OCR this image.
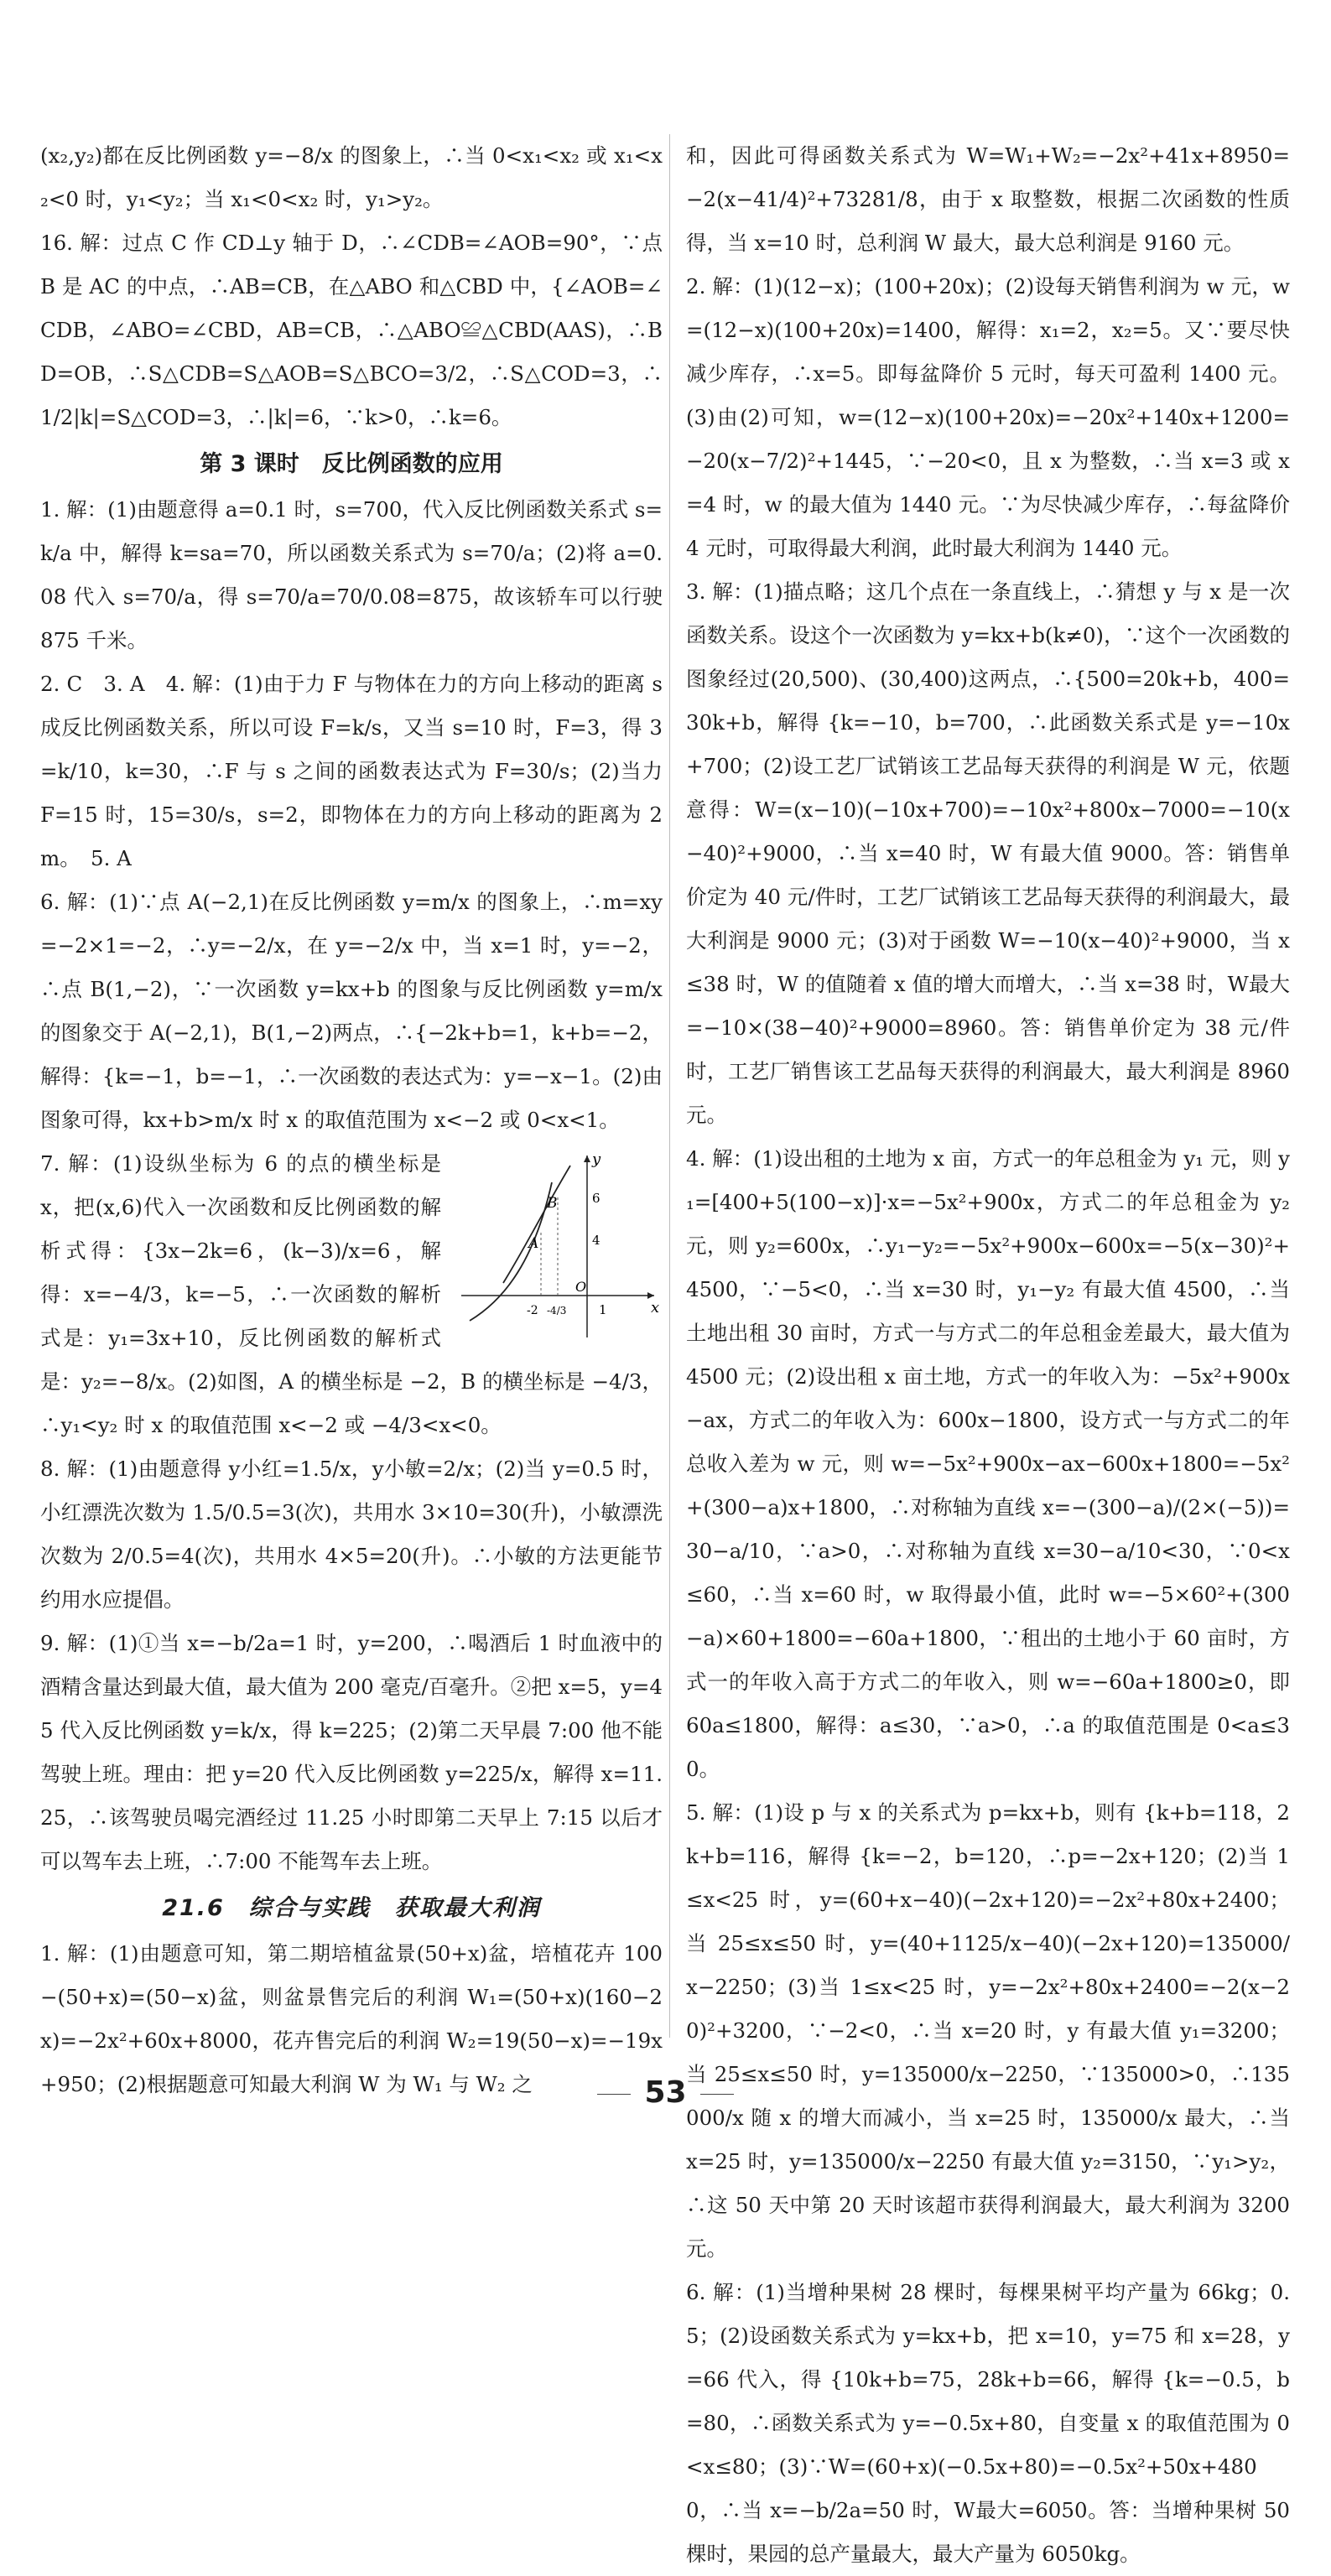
(x₂,y₂)都在反比例函数 y=−8/x 的图象上，∴当 0<x₁<x₂ 或 x₁<x₂<0 时，y₁<y₂；当 x₁<0<x₂ 时，y₁>y₂。

16. 解：过点 C 作 CD⊥y 轴于 D，∴∠CDB=∠AOB=90°，∵点 B 是 AC 的中点，∴AB=CB，在△ABO 和△CBD 中，{∠AOB=∠CDB，∠ABO=∠CBD，AB=CB，∴△ABO≌△CBD(AAS)，∴BD=OB，∴S△CDB=S△AOB=S△BCO=3/2，∴S△COD=3，∴1/2|k|=S△COD=3，∴|k|=6，∵k>0，∴k=6。

第 3 课时　反比例函数的应用

1. 解：(1)由题意得 a=0.1 时，s=700，代入反比例函数关系式 s=k/a 中，解得 k=sa=70，所以函数关系式为 s=70/a；(2)将 a=0.08 代入 s=70/a，得 s=70/a=70/0.08=875，故该轿车可以行驶 875 千米。

2. C　3. A　4. 解：(1)由于力 F 与物体在力的方向上移动的距离 s 成反比例函数关系，所以可设 F=k/s，又当 s=10 时，F=3，得 3=k/10，k=30，∴F 与 s 之间的函数表达式为 F=30/s；(2)当力 F=15 时，15=30/s，s=2，即物体在力的方向上移动的距离为 2m。　5. A

6. 解：(1)∵点 A(−2,1)在反比例函数 y=m/x 的图象上，∴m=xy=−2×1=−2，∴y=−2/x，在 y=−2/x 中，当 x=1 时，y=−2，∴点 B(1,−2)，∵一次函数 y=kx+b 的图象与反比例函数 y=m/x 的图象交于 A(−2,1)，B(1,−2)两点，∴{−2k+b=1，k+b=−2，解得：{k=−1，b=−1，∴一次函数的表达式为：y=−x−1。(2)由图象可得，kx+b>m/x 时 x 的取值范围为 x<−2 或 0<x<1。

x
y
O
B
A
6
4
-2 -4/3	1

7. 解：(1)设纵坐标为 6 的点的横坐标是 x，把(x,6)代入一次函数和反比例函数的解析式得：{3x−2k=6，(k−3)/x=6，解得：x=−4/3，k=−5，∴一次函数的解析式是：y₁=3x+10，反比例函数的解析式是：y₂=−8/x。(2)如图，A 的横坐标是 −2，B 的横坐标是 −4/3，∴y₁<y₂ 时 x 的取值范围 x<−2 或 −4/3<x<0。

8. 解：(1)由题意得 y小红=1.5/x，y小敏=2/x；(2)当 y=0.5 时，小红漂洗次数为 1.5/0.5=3(次)，共用水 3×10=30(升)，小敏漂洗次数为 2/0.5=4(次)，共用水 4×5=20(升)。∴小敏的方法更能节约用水应提倡。

9. 解：(1)①当 x=−b/2a=1 时，y=200，∴喝酒后 1 时血液中的酒精含量达到最大值，最大值为 200 毫克/百毫升。②把 x=5，y=45 代入反比例函数 y=k/x，得 k=225；(2)第二天早晨 7:00 他不能驾驶上班。理由：把 y=20 代入反比例函数 y=225/x，解得 x=11.25，∴该驾驶员喝完酒经过 11.25 小时即第二天早上 7:15 以后才可以驾车去上班，∴7:00 不能驾车去上班。

21.6　综合与实践　获取最大利润

1. 解：(1)由题意可知，第二期培植盆景(50+x)盆，培植花卉 100−(50+x)=(50−x)盆，则盆景售完后的利润 W₁=(50+x)(160−2x)=−2x²+60x+8000，花卉售完后的利润 W₂=19(50−x)=−19x+950；(2)根据题意可知最大利润 W 为 W₁ 与 W₂ 之

和，因此可得函数关系式为 W=W₁+W₂=−2x²+41x+8950=−2(x−41/4)²+73281/8，由于 x 取整数，根据二次函数的性质得，当 x=10 时，总利润 W 最大，最大总利润是 9160 元。

2. 解：(1)(12−x)；(100+20x)；(2)设每天销售利润为 w 元，w=(12−x)(100+20x)=1400，解得：x₁=2，x₂=5。又∵要尽快减少库存，∴x=5。即每盆降价 5 元时，每天可盈利 1400 元。(3)由(2)可知，w=(12−x)(100+20x)=−20x²+140x+1200=−20(x−7/2)²+1445，∵−20<0，且 x 为整数，∴当 x=3 或 x=4 时，w 的最大值为 1440 元。∵为尽快减少库存，∴每盆降价 4 元时，可取得最大利润，此时最大利润为 1440 元。

3. 解：(1)描点略；这几个点在一条直线上，∴猜想 y 与 x 是一次函数关系。设这个一次函数为 y=kx+b(k≠0)，∵这个一次函数的图象经过(20,500)、(30,400)这两点，∴{500=20k+b，400=30k+b，解得 {k=−10，b=700，∴此函数关系式是 y=−10x+700；(2)设工艺厂试销该工艺品每天获得的利润是 W 元，依题意得：W=(x−10)(−10x+700)=−10x²+800x−7000=−10(x−40)²+9000，∴当 x=40 时，W 有最大值 9000。答：销售单价定为 40 元/件时，工艺厂试销该工艺品每天获得的利润最大，最大利润是 9000 元；(3)对于函数 W=−10(x−40)²+9000，当 x≤38 时，W 的值随着 x 值的增大而增大，∴当 x=38 时，W最大=−10×(38−40)²+9000=8960。答：销售单价定为 38 元/件时，工艺厂销售该工艺品每天获得的利润最大，最大利润是 8960 元。

4. 解：(1)设出租的土地为 x 亩，方式一的年总租金为 y₁ 元，则 y₁=[400+5(100−x)]·x=−5x²+900x，方式二的年总租金为 y₂ 元，则 y₂=600x，∴y₁−y₂=−5x²+900x−600x=−5(x−30)²+4500，∵−5<0，∴当 x=30 时，y₁−y₂ 有最大值 4500，∴当土地出租 30 亩时，方式一与方式二的年总租金差最大，最大值为 4500 元；(2)设出租 x 亩土地，方式一的年收入为：−5x²+900x−ax，方式二的年收入为：600x−1800，设方式一与方式二的年总收入差为 w 元，则 w=−5x²+900x−ax−600x+1800=−5x²+(300−a)x+1800，∴对称轴为直线 x=−(300−a)/(2×(−5))=30−a/10，∵a>0，∴对称轴为直线 x=30−a/10<30，∵0<x≤60，∴当 x=60 时，w 取得最小值，此时 w=−5×60²+(300−a)×60+1800=−60a+1800，∵租出的土地小于 60 亩时，方式一的年收入高于方式二的年收入，则 w=−60a+1800≥0，即 60a≤1800，解得：a≤30，∵a>0，∴a 的取值范围是 0<a≤30。

5. 解：(1)设 p 与 x 的关系式为 p=kx+b，则有 {k+b=118，2k+b=116，解得 {k=−2，b=120，∴p=−2x+120；(2)当 1≤x<25 时，y=(60+x−40)(−2x+120)=−2x²+80x+2400；当 25≤x≤50 时，y=(40+1125/x−40)(−2x+120)=135000/x−2250；(3)当 1≤x<25 时，y=−2x²+80x+2400=−2(x−20)²+3200，∵−2<0，∴当 x=20 时，y 有最大值 y₁=3200；当 25≤x≤50 时，y=135000/x−2250，∵135000>0，∴135000/x 随 x 的增大而减小，当 x=25 时，135000/x 最大，∴当 x=25 时，y=135000/x−2250 有最大值 y₂=3150，∵y₁>y₂，∴这 50 天中第 20 天时该超市获得利润最大，最大利润为 3200 元。

6. 解：(1)当增种果树 28 棵时，每棵果树平均产量为 66kg；0.5；(2)设函数关系式为 y=kx+b，把 x=10，y=75 和 x=28，y=66 代入，得 {10k+b=75，28k+b=66，解得 {k=−0.5，b=80，∴函数关系式为 y=−0.5x+80，自变量 x 的取值范围为 0<x≤80；(3)∵W=(60+x)(−0.5x+80)=−0.5x²+50x+4800，∴当 x=−b/2a=50 时，W最大=6050。答：当增种果树 50 棵时，果园的总产量最大，最大产量为 6050kg。

53
